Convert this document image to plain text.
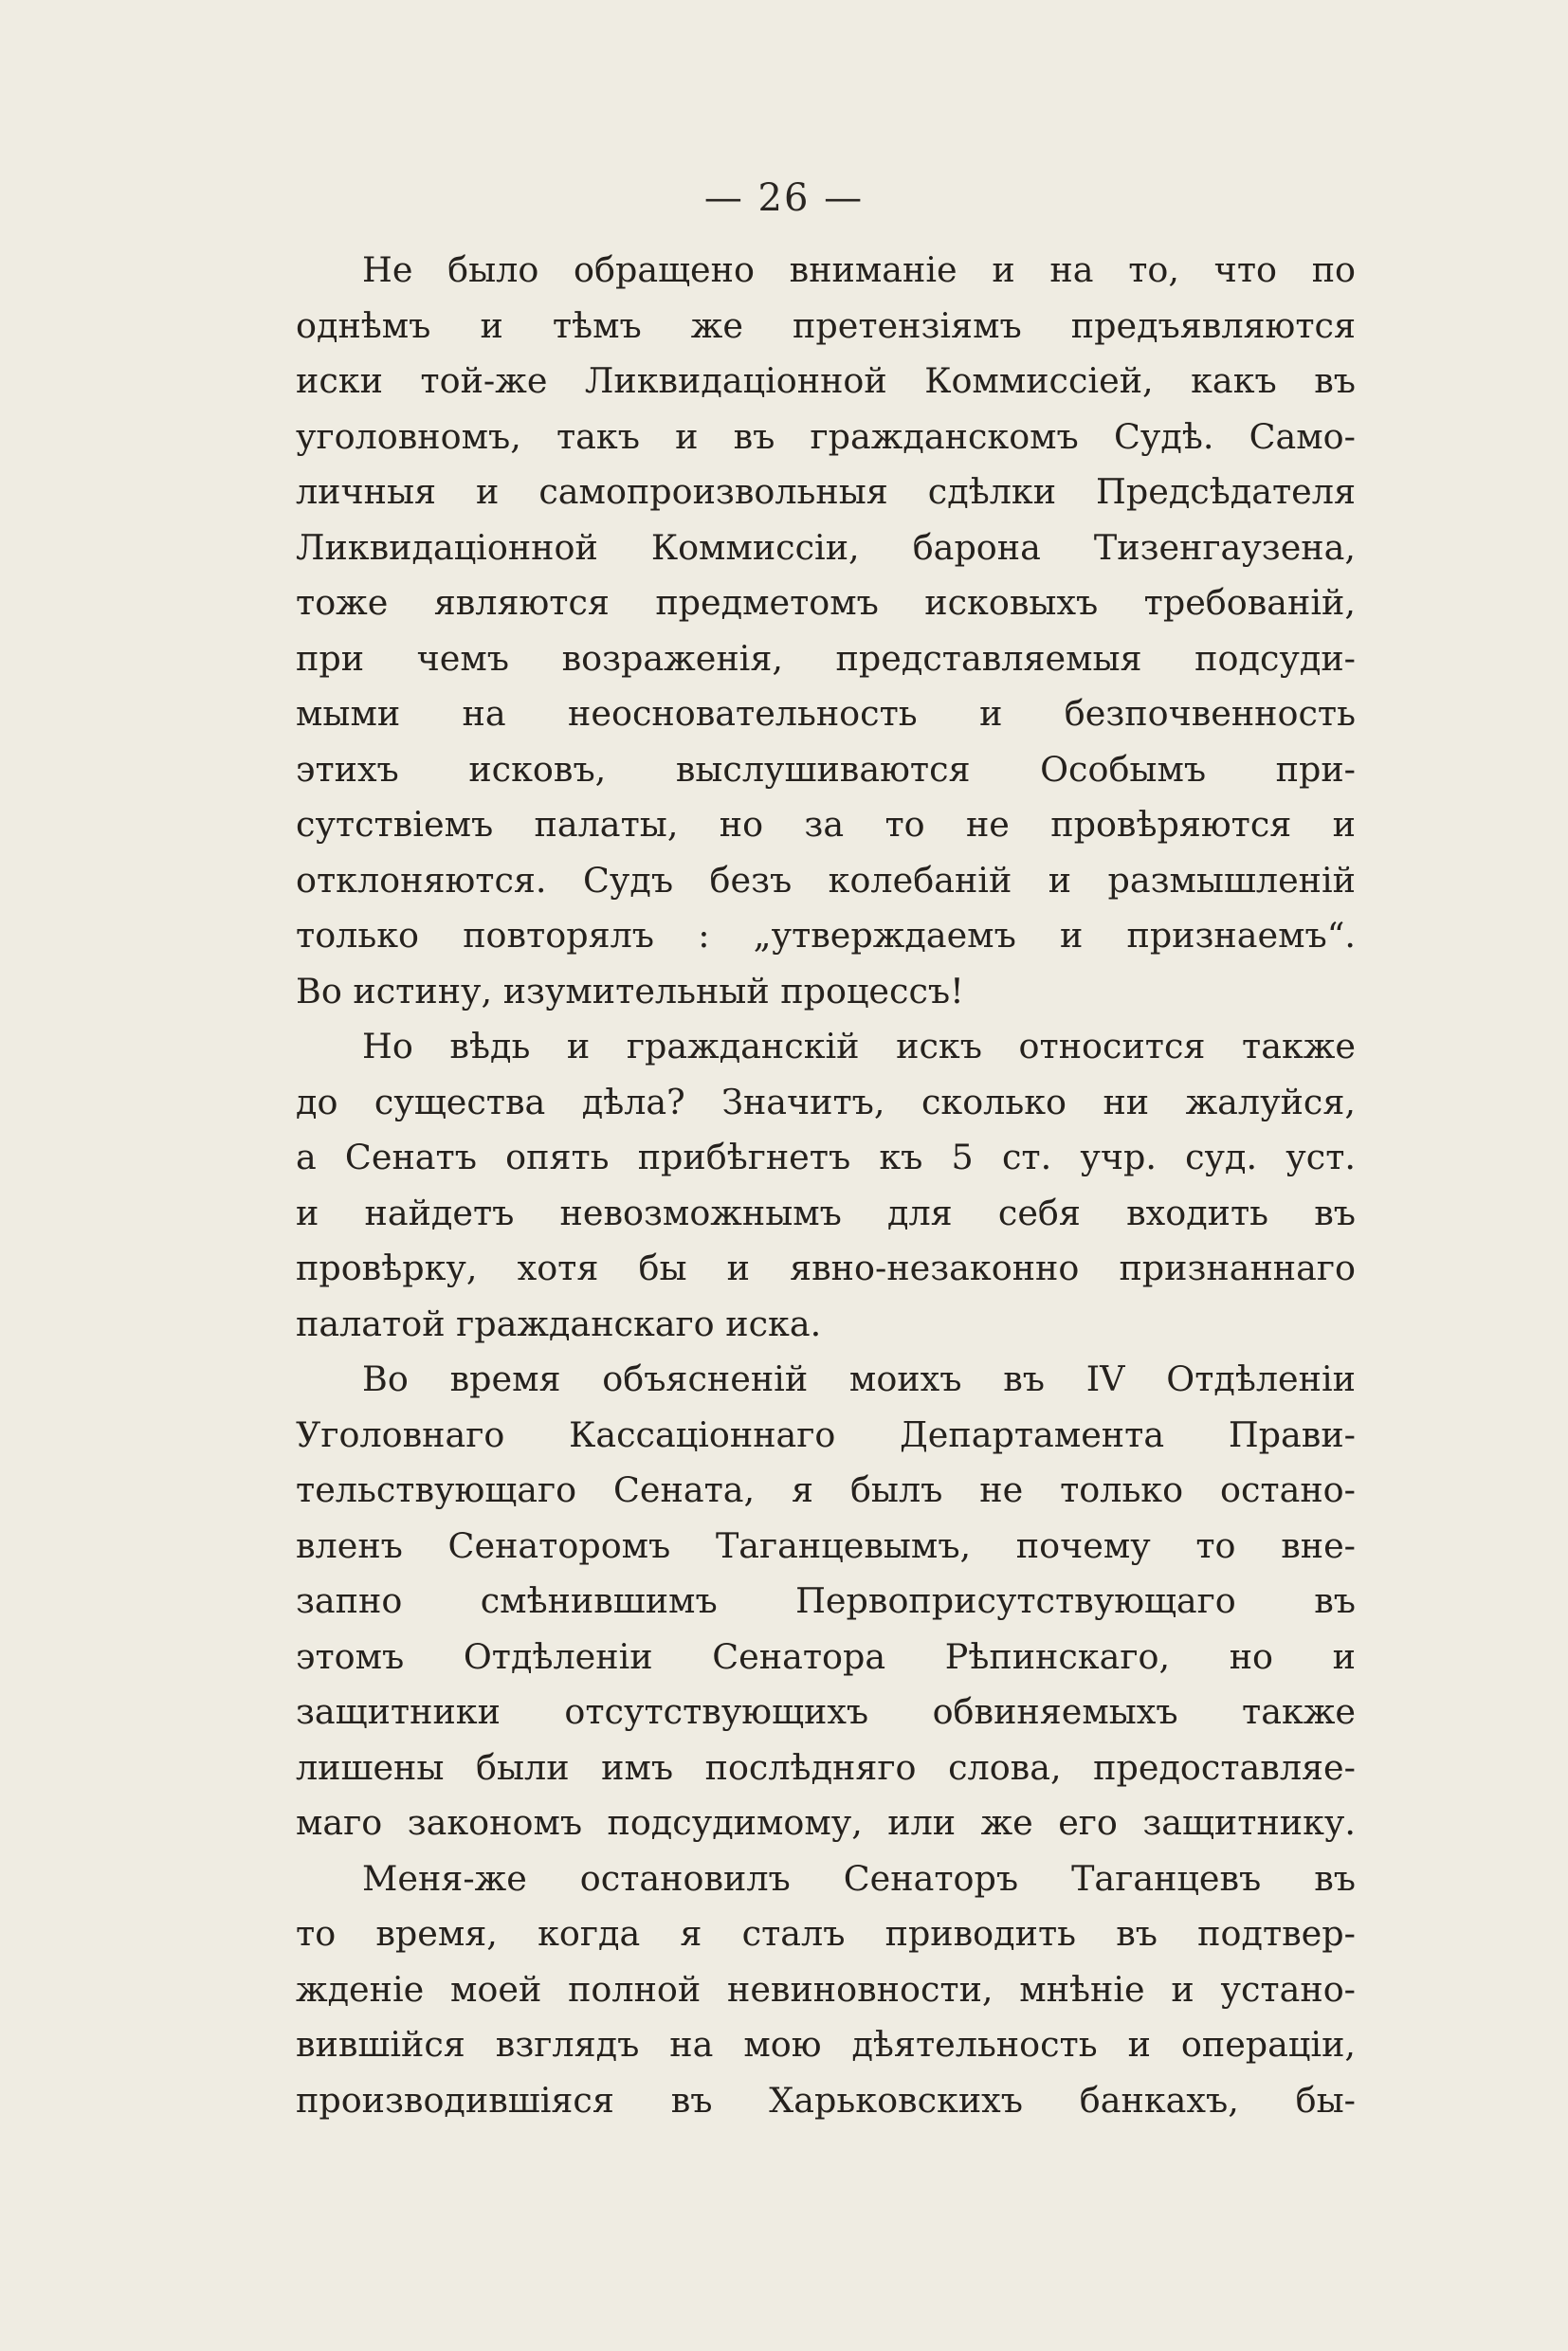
— 26 —
Не было обращено вниманіе и на то, что по
однѣмъ и тѣмъ же претензіямъ предъявляются
иски той-же Ликвидаціонной Коммиссіей, какъ въ
уголовномъ, такъ и въ гражданскомъ Судѣ. Само-
личныя и самопроизвольныя сдѣлки Предсѣдателя
Ликвидаціонной Коммиссіи, барона Тизенгаузена,
тоже являются предметомъ исковыхъ требованій,
при чемъ возраженія, представляемыя подсуди-
мыми на неосновательность и безпочвенность
этихъ исковъ, выслушиваются Особымъ при-
сутствіемъ палаты, но за то не провѣряются и
отклоняются. Судъ безъ колебаній и размышленій
только повторялъ : „утверждаемъ и признаемъ“.
Во истину, изумительный процессъ!
Но вѣдь и гражданскій искъ относится также
до существа дѣла? Значитъ, сколько ни жалуйся,
а Сенатъ опять прибѣгнетъ къ 5 ст. учр. суд. уст.
и найдетъ невозможнымъ для себя входить въ
провѣрку, хотя бы и явно-незаконно признаннаго
палатой гражданскаго иска.
Во время объясненій моихъ въ IV Отдѣленіи
Уголовнаго Кассаціоннаго Департамента Прави-
тельствующаго Сената, я былъ не только остано-
вленъ Сенаторомъ Таганцевымъ, почему то вне-
запно смѣнившимъ Первоприсутствующаго въ
этомъ Отдѣленіи Сенатора Рѣпинскаго, но и
защитники отсутствующихъ обвиняемыхъ также
лишены были имъ послѣдняго слова, предоставляе-
маго закономъ подсудимому, или же его защитнику.
Меня-же остановилъ Сенаторъ Таганцевъ въ
то время, когда я сталъ приводить въ подтвер-
жденіе моей полной невиновности, мнѣніе и устано-
вившійся взглядъ на мою дѣятельность и операціи,
производившіяся въ Харьковскихъ банкахъ, бы-
